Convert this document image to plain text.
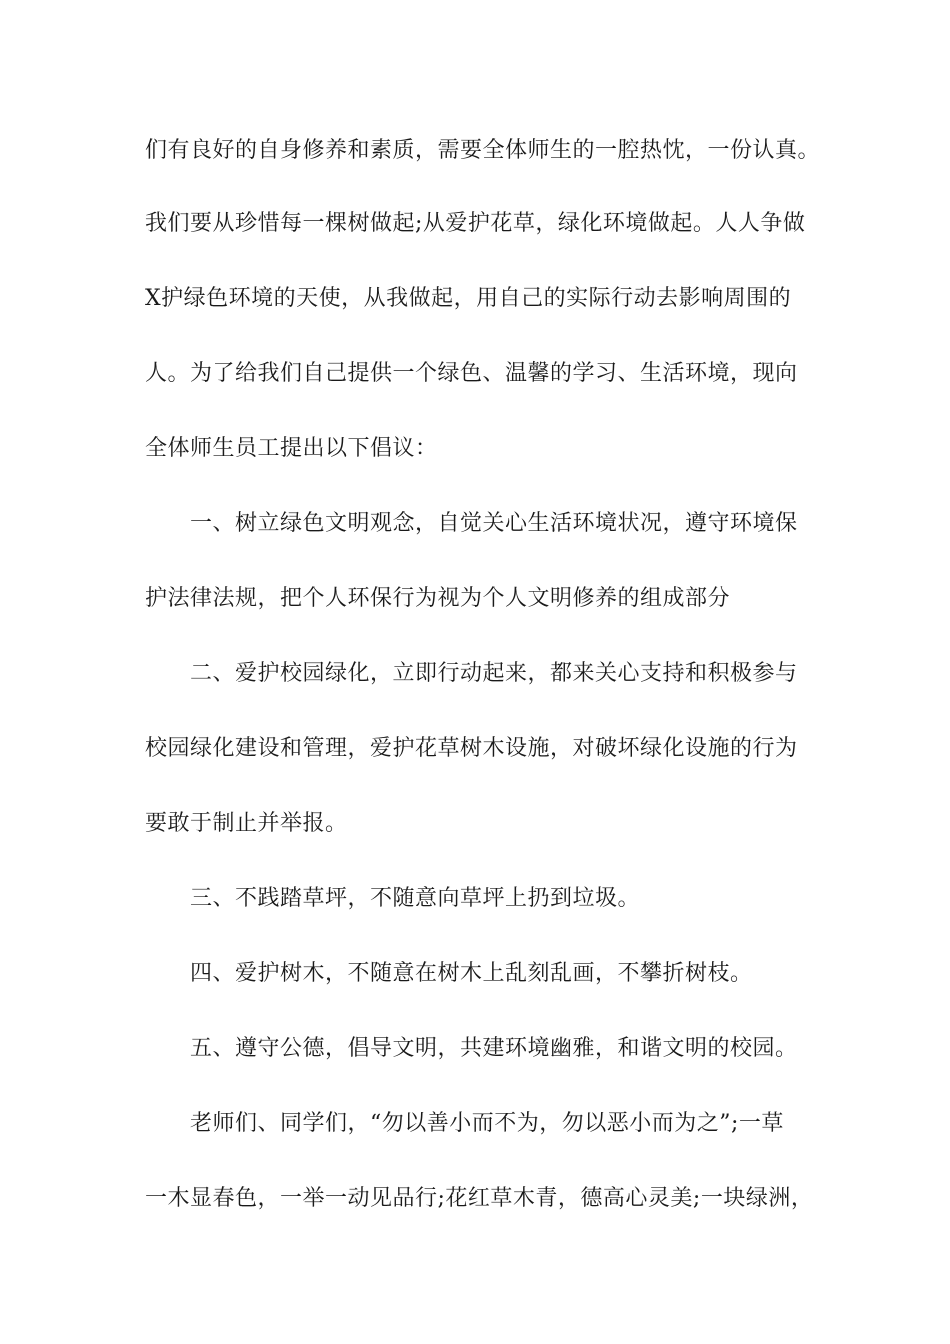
们有良好的自身修养和素质，需要全体师生的一腔热忱，一份认真。
我们要从珍惜每一棵树做起;从爱护花草，绿化环境做起。人人争做
X护绿色环境的天使，从我做起，用自己的实际行动去影响周围的
人。为了给我们自己提供一个绿色、温馨的学习、生活环境，现向
全体师生员工提出以下倡议：
一、树立绿色文明观念，自觉关心生活环境状况，遵守环境保
护法律法规，把个人环保行为视为个人文明修养的组成部分
二、爱护校园绿化，立即行动起来，都来关心支持和积极参与
校园绿化建设和管理，爱护花草树木设施，对破坏绿化设施的行为
要敢于制止并举报。
三、不践踏草坪，不随意向草坪上扔到垃圾。
四、爱护树木，不随意在树木上乱刻乱画，不攀折树枝。
五、遵守公德，倡导文明，共建环境幽雅，和谐文明的校园。
老师们、同学们，“勿以善小而不为，勿以恶小而为之”;一草
一木显春色，一举一动见品行;花红草木青，德高心灵美;一块绿洲，
